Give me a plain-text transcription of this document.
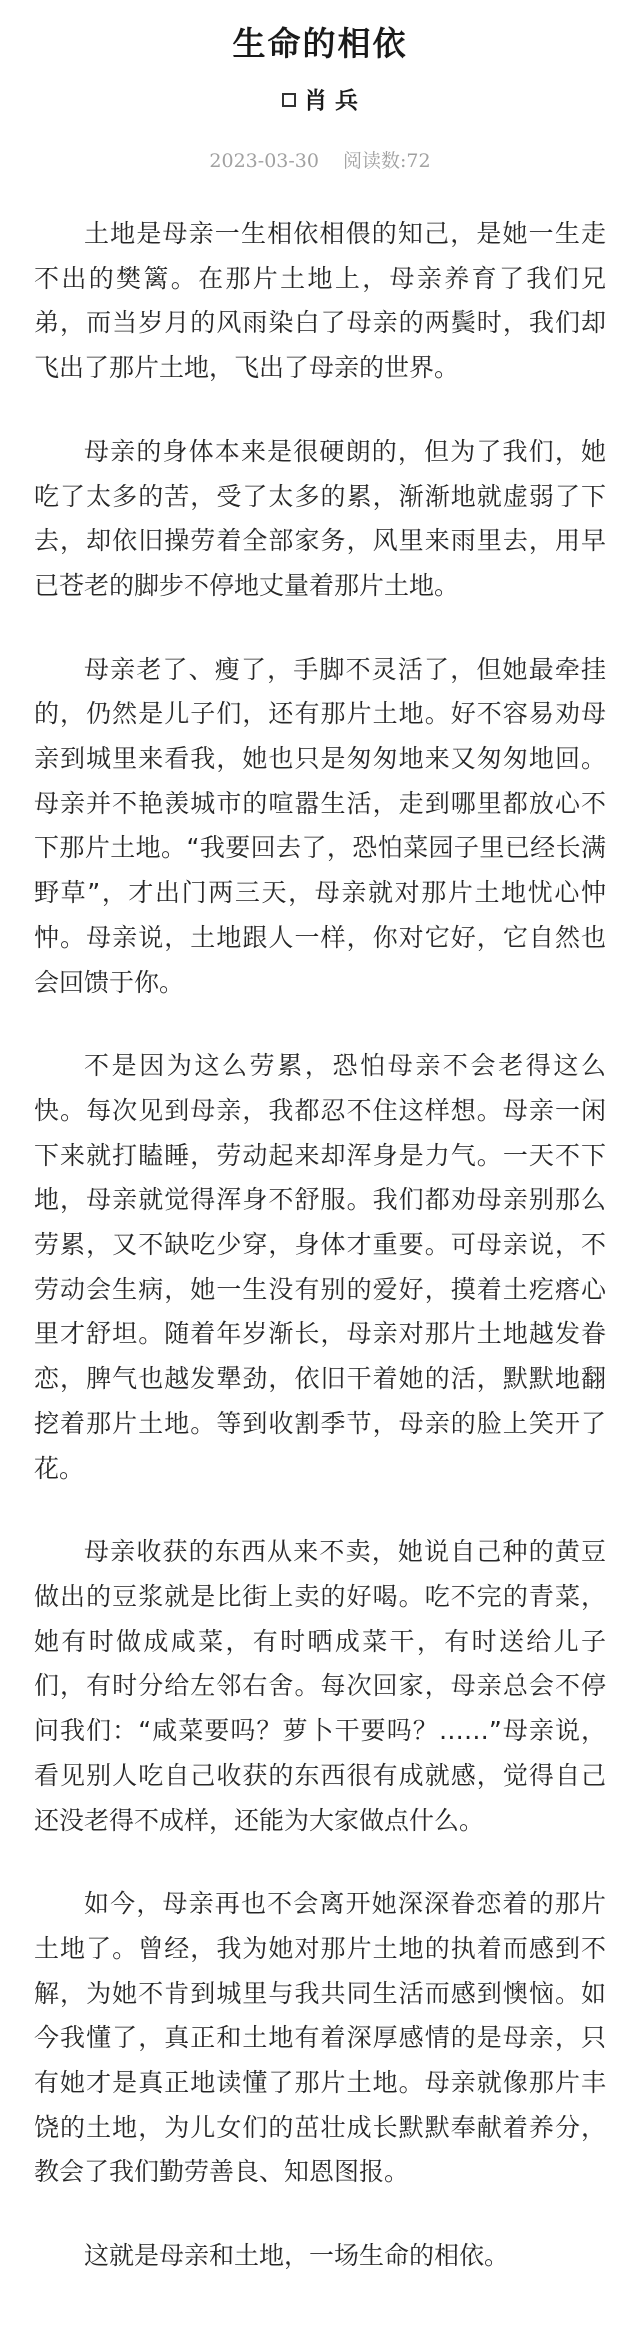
生命的相依
肖 兵
2023-03-30 阅读数:72

土地是母亲一生相依相偎的知己，是她一生走不出的樊篱。在那片土地上，母亲养育了我们兄弟，而当岁月的风雨染白了母亲的两鬓时，我们却飞出了那片土地，飞出了母亲的世界。

母亲的身体本来是很硬朗的，但为了我们，她吃了太多的苦，受了太多的累，渐渐地就虚弱了下去，却依旧操劳着全部家务，风里来雨里去，用早已苍老的脚步不停地丈量着那片土地。

母亲老了、瘦了，手脚不灵活了，但她最牵挂的，仍然是儿子们，还有那片土地。好不容易劝母亲到城里来看我，她也只是匆匆地来又匆匆地回。母亲并不艳羡城市的喧嚣生活，走到哪里都放心不下那片土地。“我要回去了，恐怕菜园子里已经长满野草”，才出门两三天，母亲就对那片土地忧心忡忡。母亲说，土地跟人一样，你对它好，它自然也会回馈于你。

不是因为这么劳累，恐怕母亲不会老得这么快。每次见到母亲，我都忍不住这样想。母亲一闲下来就打瞌睡，劳动起来却浑身是力气。一天不下地，母亲就觉得浑身不舒服。我们都劝母亲别那么劳累，又不缺吃少穿，身体才重要。可母亲说，不劳动会生病，她一生没有别的爱好，摸着土疙瘩心里才舒坦。随着年岁渐长，母亲对那片土地越发眷恋，脾气也越发犟劲，依旧干着她的活，默默地翻挖着那片土地。等到收割季节，母亲的脸上笑开了花。

母亲收获的东西从来不卖，她说自己种的黄豆做出的豆浆就是比街上卖的好喝。吃不完的青菜，她有时做成咸菜，有时晒成菜干，有时送给儿子们，有时分给左邻右舍。每次回家，母亲总会不停问我们：“咸菜要吗？萝卜干要吗？……”母亲说，看见别人吃自己收获的东西很有成就感，觉得自己还没老得不成样，还能为大家做点什么。

如今，母亲再也不会离开她深深眷恋着的那片土地了。曾经，我为她对那片土地的执着而感到不解，为她不肯到城里与我共同生活而感到懊恼。如今我懂了，真正和土地有着深厚感情的是母亲，只有她才是真正地读懂了那片土地。母亲就像那片丰饶的土地，为儿女们的茁壮成长默默奉献着养分，教会了我们勤劳善良、知恩图报。

这就是母亲和土地，一场生命的相依。
